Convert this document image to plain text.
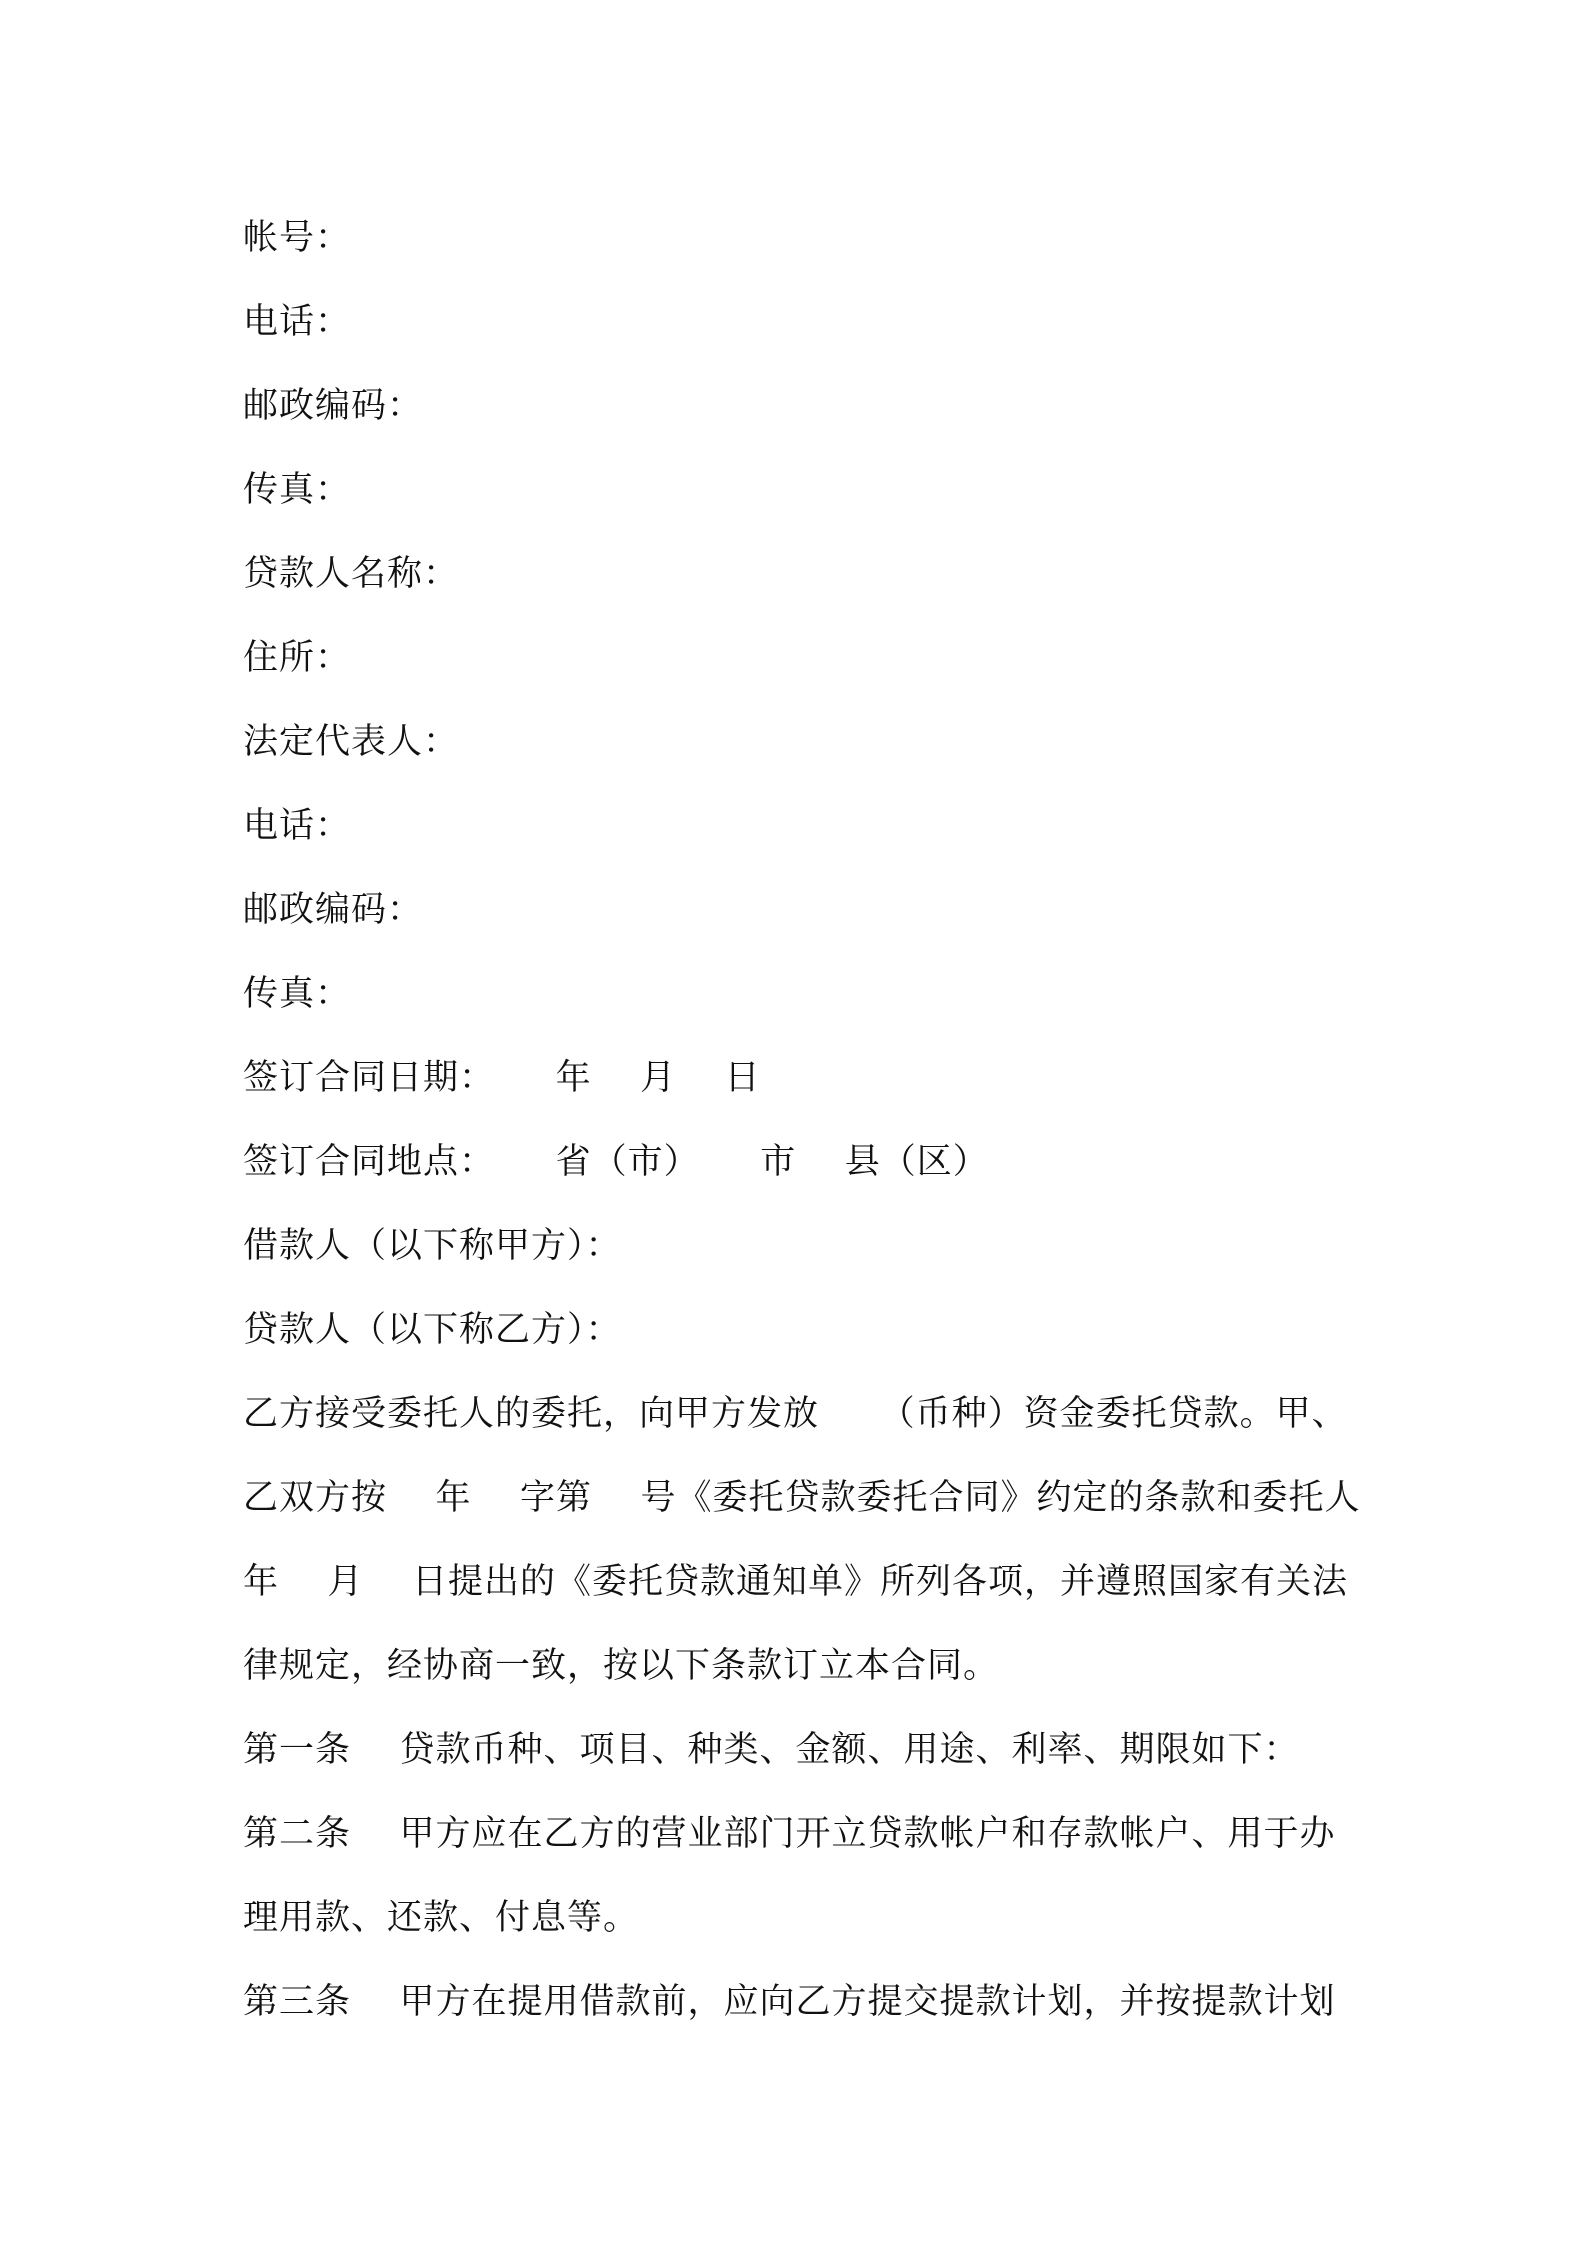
帐号：

电话：

邮政编码：

传真：

贷款人名称：

住所：

法定代表人：

电话：

邮政编码：

传真：

签订合同日期：     年    月    日

签订合同地点：     省（市）     市    县（区）

借款人（以下称甲方）：

贷款人（以下称乙方）：

乙方接受委托人的委托，向甲方发放     （币种）资金委托贷款。甲、

乙双方按    年    字第    号《委托贷款委托合同》约定的条款和委托人

年    月    日提出的《委托贷款通知单》所列各项，并遵照国家有关法

律规定，经协商一致，按以下条款订立本合同。

第一条    贷款币种、项目、种类、金额、用途、利率、期限如下：

第二条    甲方应在乙方的营业部门开立贷款帐户和存款帐户、用于办

理用款、还款、付息等。

第三条    甲方在提用借款前，应向乙方提交提款计划，并按提款计划
